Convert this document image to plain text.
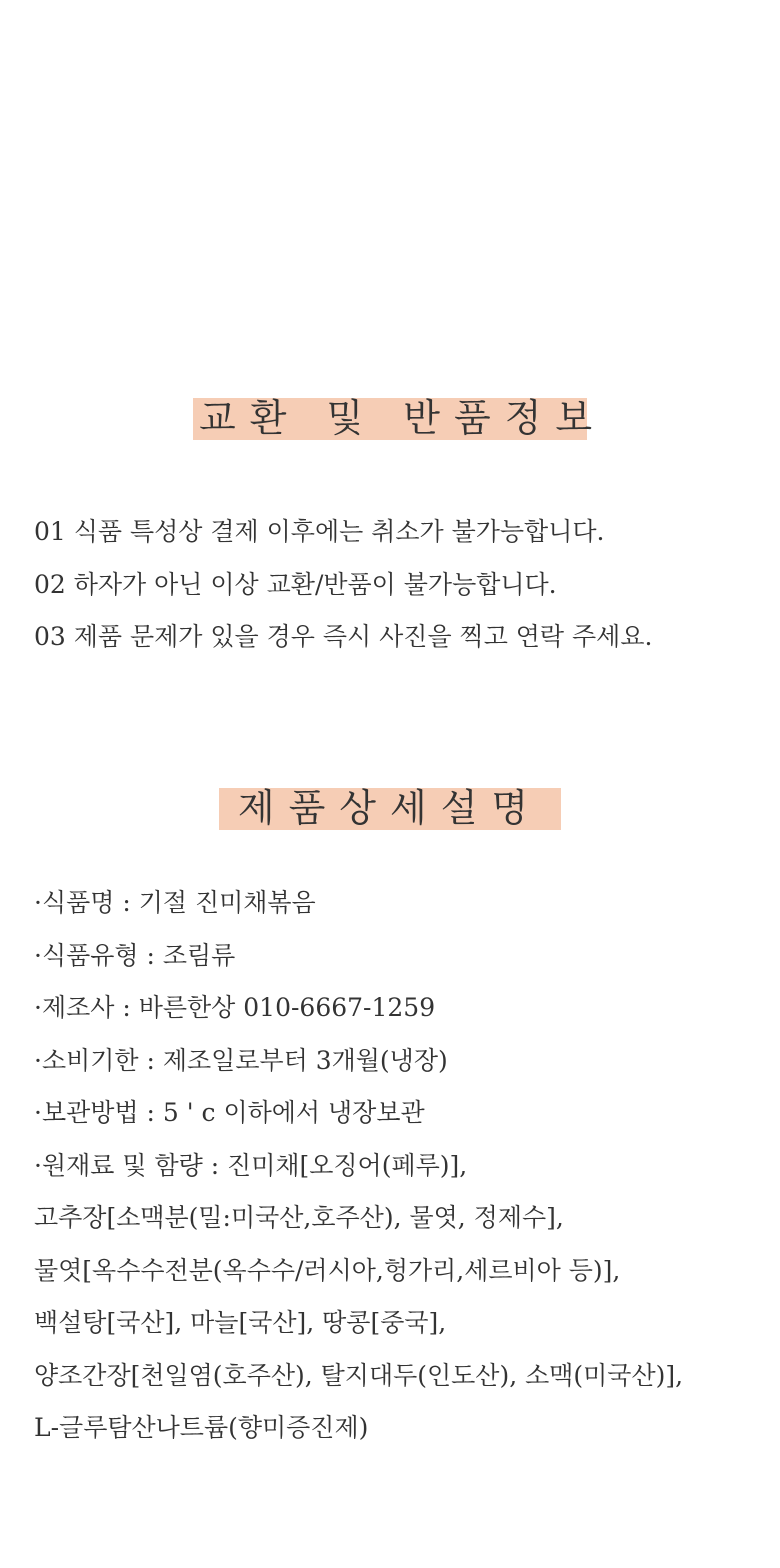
교환 및 반품정보
01 식품 특성상 결제 이후에는 취소가 불가능합니다.
02 하자가 아닌 이상 교환/반품이 불가능합니다.
03 제품 문제가 있을 경우 즉시 사진을 찍고 연락 주세요.
제품상세설명
·식품명 : 기절 진미채볶음
·식품유형 : 조림류
·제조사 : 바른한상 010-6667-1259
·소비기한 : 제조일로부터 3개월(냉장)
·보관방법 : 5 ' c 이하에서 냉장보관
·원재료 및 함량 : 진미채[오징어(페루)],
고추장[소맥분(밀:미국산,호주산), 물엿, 정제수],
물엿[옥수수전분(옥수수/러시아,헝가리,세르비아 등)],
백설탕[국산], 마늘[국산], 땅콩[중국],
양조간장[천일염(호주산), 탈지대두(인도산), 소맥(미국산)],
L-글루탐산나트륨(향미증진제)
